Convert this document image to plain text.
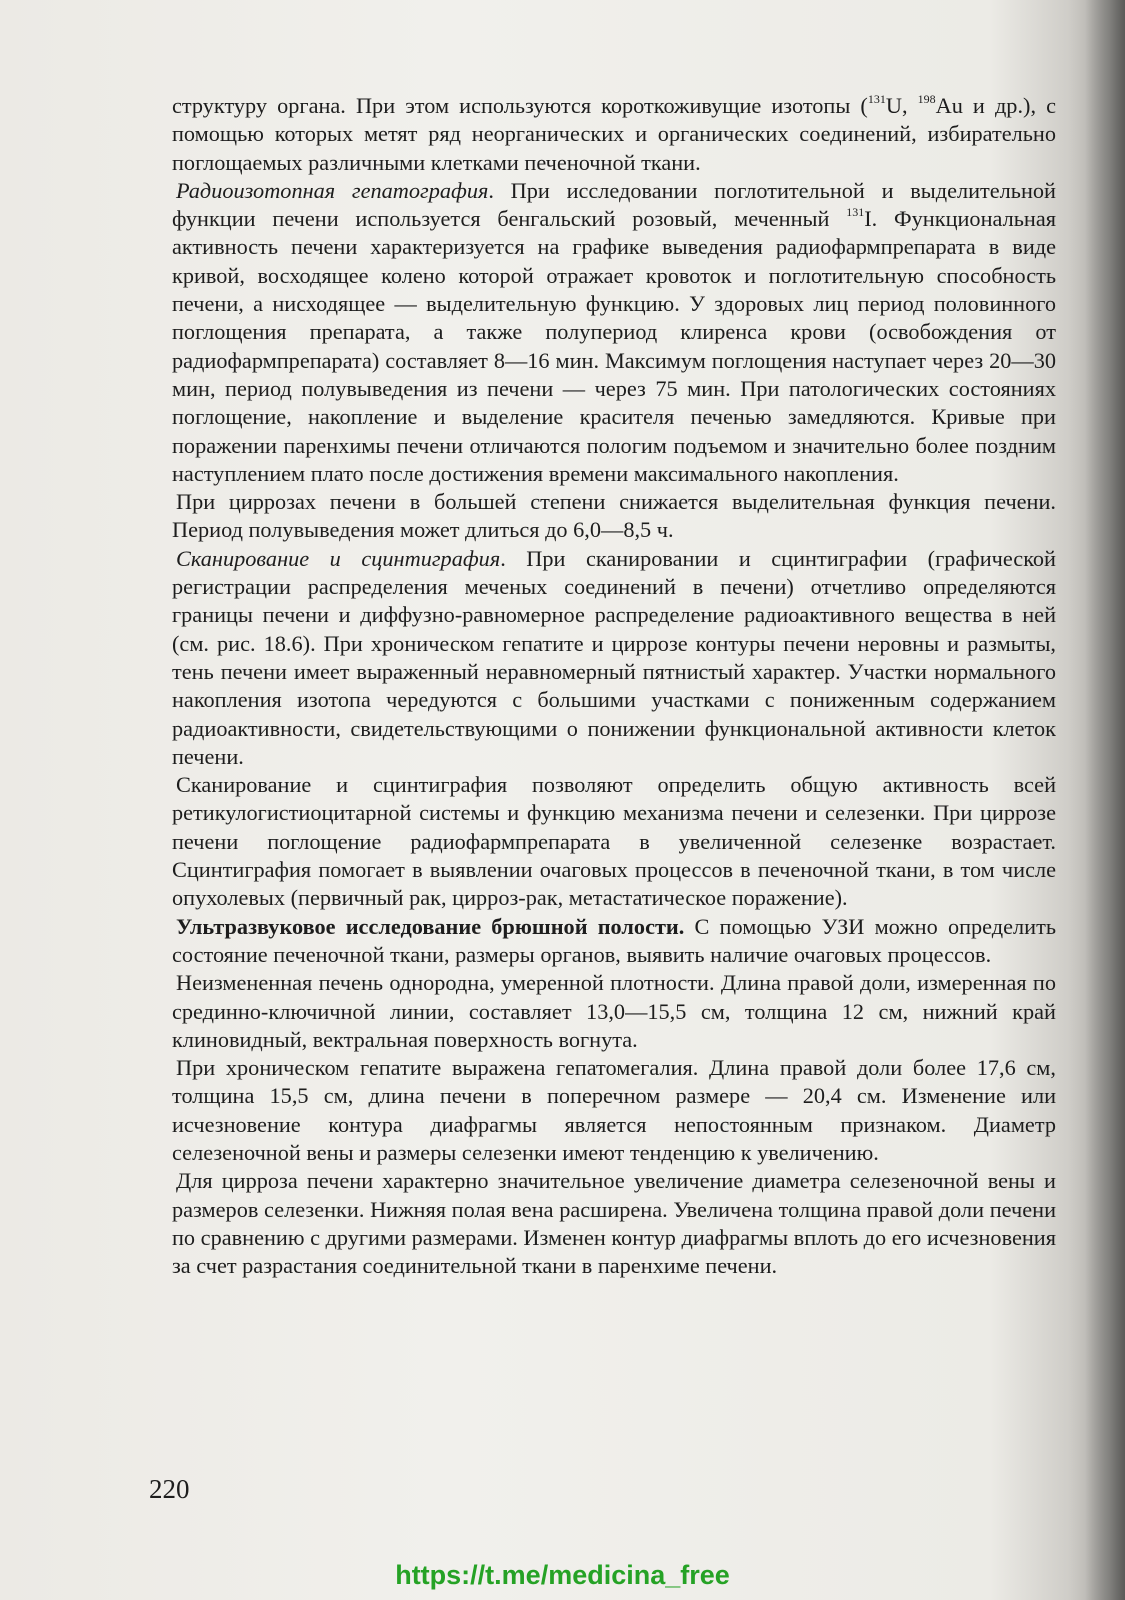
структуру органа. При этом используются короткоживущие изотопы ($^{131}$U, $^{198}$Au и др.), с помощью которых метят ряд неорганических и органических соединений, избирательно поглощаемых различными клетками печеночной ткани.

Радиоизотопная гепатография. При исследовании поглотительной и выделительной функции печени используется бенгальский розовый, меченный $^{131}$I. Функциональная активность печени характеризуется на графике выведения радиофармпрепарата в виде кривой, восходящее колено которой отражает кровоток и поглотительную способность печени, а нисходящее — выделительную функцию. У здоровых лиц период половинного поглощения препарата, а также полупериод клиренса крови (освобождения от радиофармпрепарата) составляет 8—16 мин. Максимум поглощения наступает через 20—30 мин, период полувыведения из печени — через 75 мин. При патологических состояниях поглощение, накопление и выделение красителя печенью замедляются. Кривые при поражении паренхимы печени отличаются пологим подъемом и значительно более поздним наступлением плато после достижения времени максимального накопления.

При циррозах печени в большей степени снижается выделительная функция печени. Период полувыведения может длиться до 6,0—8,5 ч.

Сканирование и сцинтиграфия. При сканировании и сцинтиграфии (графической регистрации распределения меченых соединений в печени) отчетливо определяются границы печени и диффузно-равномерное распределение радиоактивного вещества в ней (см. рис. 18.6). При хроническом гепатите и циррозе контуры печени неровны и размыты, тень печени имеет выраженный неравномерный пятнистый характер. Участки нормального накопления изотопа чередуются с большими участками с пониженным содержанием радиоактивности, свидетельствующими о понижении функциональной активности клеток печени.

Сканирование и сцинтиграфия позволяют определить общую активность всей ретикулогистиоцитарной системы и функцию механизма печени и селезенки. При циррозе печени поглощение радиофармпрепарата в увеличенной селезенке возрастает. Сцинтиграфия помогает в выявлении очаговых процессов в печеночной ткани, в том числе опухолевых (первичный рак, цирроз-рак, метастатическое поражение).

Ультразвуковое исследование брюшной полости. С помощью УЗИ можно определить состояние печеночной ткани, размеры органов, выявить наличие очаговых процессов.

Неизмененная печень однородна, умеренной плотности. Длина правой доли, измеренная по срединно-ключичной линии, составляет 13,0—15,5 см, толщина 12 см, нижний край клиновидный, вектральная поверхность вогнута.

При хроническом гепатите выражена гепатомегалия. Длина правой доли более 17,6 см, толщина 15,5 см, длина печени в поперечном размере — 20,4 см. Изменение или исчезновение контура диафрагмы является непостоянным признаком. Диаметр селезеночной вены и размеры селезенки имеют тенденцию к увеличению.

Для цирроза печени характерно значительное увеличение диаметра селезеночной вены и размеров селезенки. Нижняя полая вена расширена. Увеличена толщина правой доли печени по сравнению с другими размерами. Изменен контур диафрагмы вплоть до его исчезновения за счет разрастания соединительной ткани в паренхиме печени.

220
https://t.me/medicina_free
